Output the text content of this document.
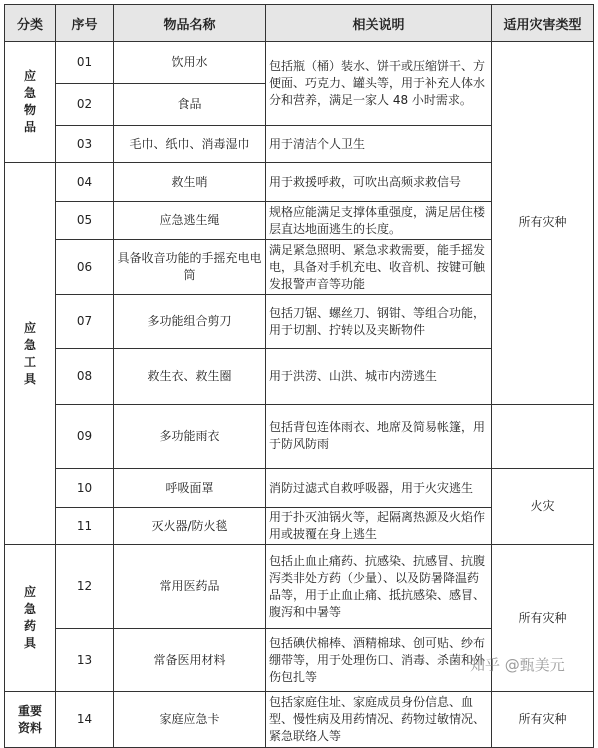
分类	序号	物品名称	相关说明	适用灾害类型	
应急物品	01	饮用水	包括瓶（桶）装水、饼干或压缩饼干、方便面、巧克力、罐头等，用于补充人体水分和营养，满足一家人 48 小时需求。	所有灾种	
	02	食品			
	03	毛巾、纸巾、消毒湿巾	用于清洁个人卫生		
应急工具	04	救生哨	用于救援呼救，可吹出高频求救信号		
	05	应急逃生绳	规格应能满足支撑体重强度，满足居住楼层直达地面逃生的长度。		
	06	具备收音功能的手摇充电电筒	满足紧急照明、紧急求救需要，能手摇发电，具备对手机充电、收音机、按键可触发报警声音等功能		
	07	多功能组合剪刀	包括刀锯、螺丝刀、钢钳、等组合功能，用于切割、拧转以及夹断物件		
	08	救生衣、救生圈	用于洪涝、山洪、城市内涝逃生	
	09	多功能雨衣	包括背包连体雨衣、地席及简易帐篷，用于防风防雨		
	10	呼吸面罩	消防过滤式自救呼吸器，用于火灾逃生	火灾	
	11	灭火器/防火毯	用于扑灭油锅火等，起隔离热源及火焰作用或披覆在身上逃生		
应急药具	12	常用医药品	包括止血止痛药、抗感染、抗感冒、抗腹泻类非处方药（少量）、以及防暑降温药品等，用于止血止痛、抵抗感染、感冒、腹泻和中暑等	所有灾种	
	13	常备医用材料	包括碘伏棉棒、酒精棉球、创可贴、纱布绷带等，用于处理伤口、消毒、杀菌和外伤包扎等		
重要资料	14	家庭应急卡	包括家庭住址、家庭成员身份信息、血型、慢性病及用药情况、药物过敏情况、紧急联络人等	所有灾种	
知乎 @甄美元
